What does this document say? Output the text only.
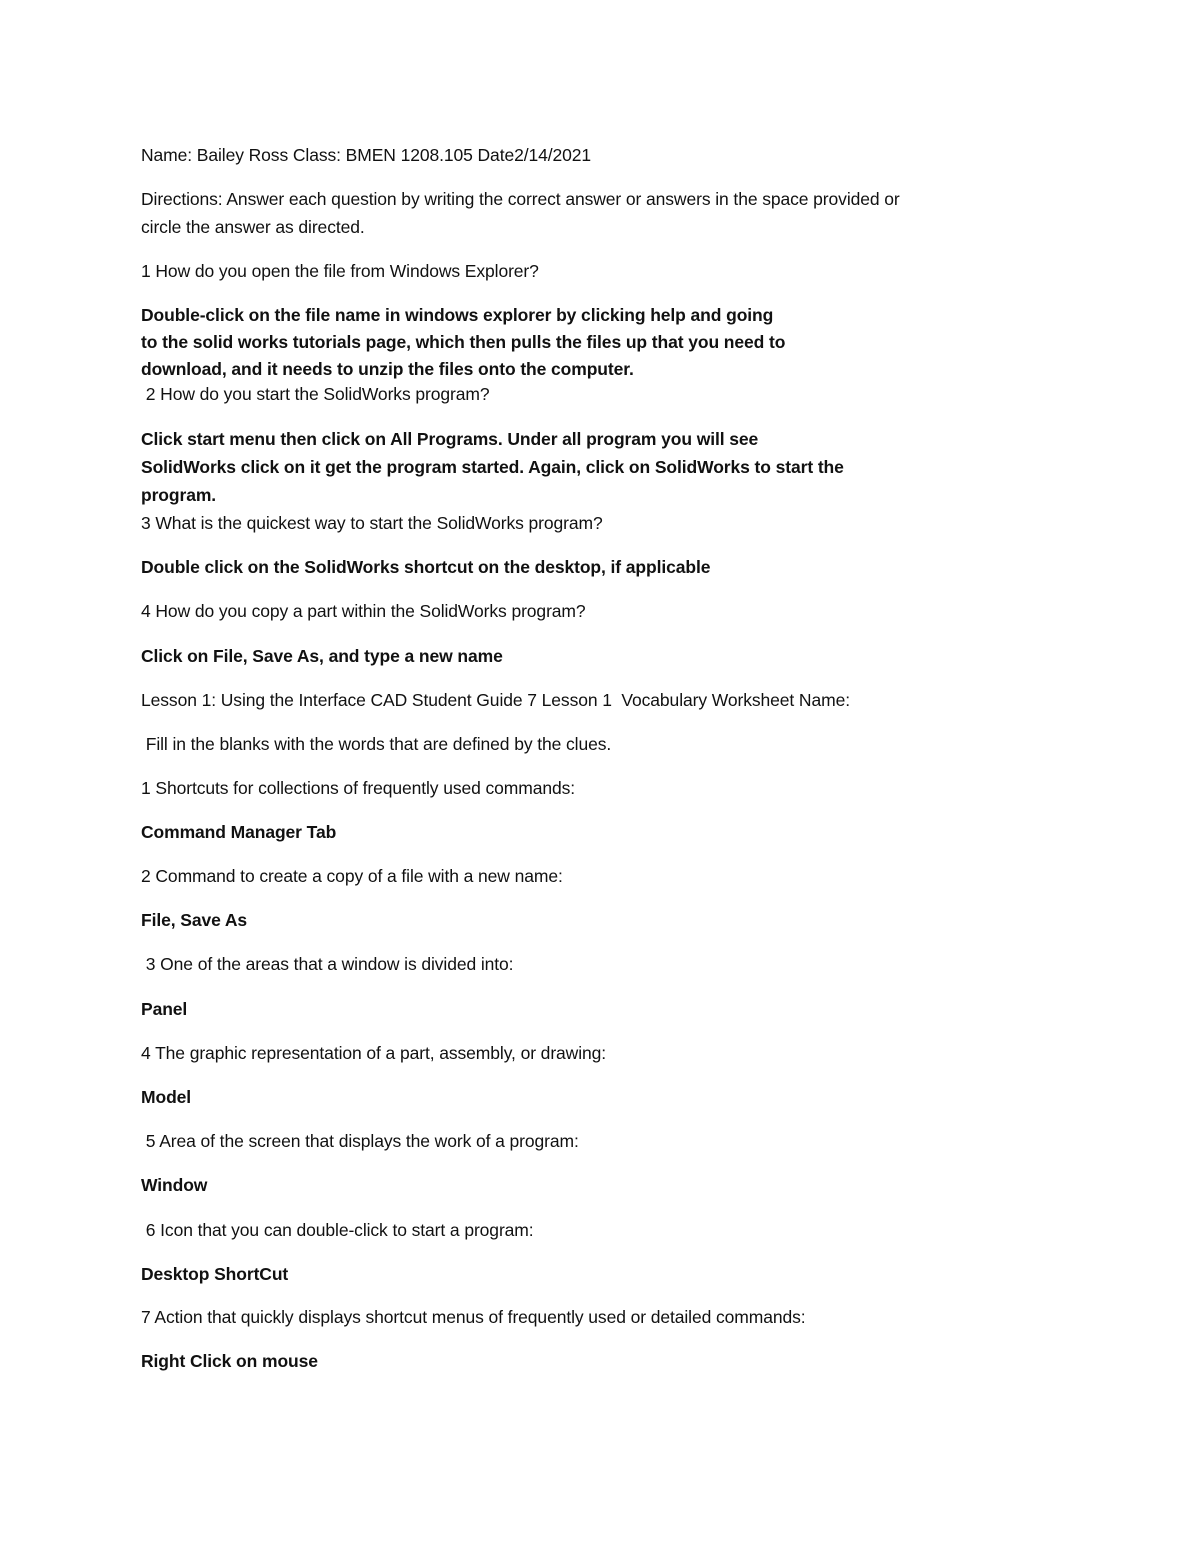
Name: Bailey Ross Class: BMEN 1208.105 Date2/14/2021
Directions: Answer each question by writing the correct answer or answers in the space provided or
circle the answer as directed.
1 How do you open the file from Windows Explorer?
Double-click on the file name in windows explorer by clicking help and going
to the solid works tutorials page, which then pulls the files up that you need to
download, and it needs to unzip the files onto the computer.
2 How do you start the SolidWorks program?
Click start menu then click on All Programs. Under all program you will see
SolidWorks click on it get the program started. Again, click on SolidWorks to start the
program.
3 What is the quickest way to start the SolidWorks program?
Double click on the SolidWorks shortcut on the desktop, if applicable
4 How do you copy a part within the SolidWorks program?
Click on File, Save As, and type a new name
Lesson 1: Using the Interface CAD Student Guide 7 Lesson 1  Vocabulary Worksheet Name:
Fill in the blanks with the words that are defined by the clues.
1 Shortcuts for collections of frequently used commands:
Command Manager Tab
2 Command to create a copy of a file with a new name:
File, Save As
3 One of the areas that a window is divided into:
Panel
4 The graphic representation of a part, assembly, or drawing:
Model
5 Area of the screen that displays the work of a program:
Window
6 Icon that you can double-click to start a program:
Desktop ShortCut
7 Action that quickly displays shortcut menus of frequently used or detailed commands:
Right Click on mouse
